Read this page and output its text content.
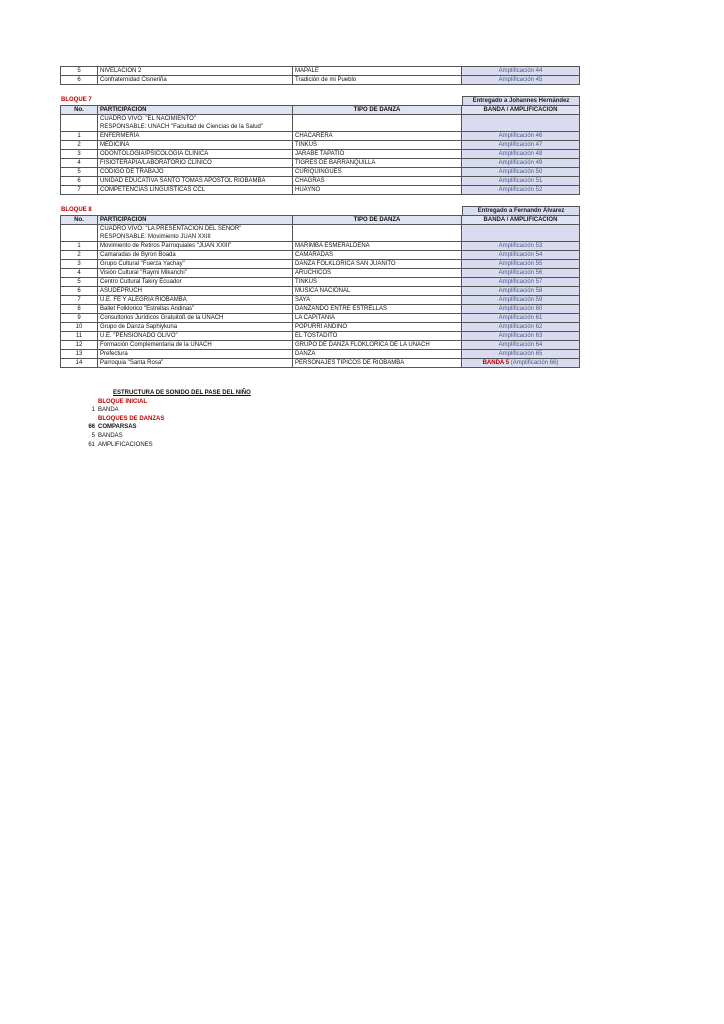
5	NIVELACIÓN 2	MAPALE	Amplificación 44
6	Confraternidad Cisneriña	Tradición de mi Pueblo	Amplificación 45
BLOQUE 7	Entregado a Johannes Hernández
No.	PARTICIPACIÓN	TIPO DE DANZA	BANDA / AMPLIFICACIÓN

	CUADRO VIVO: "EL NACIMIENTO"
RESPONSABLE: UNACH "Facultad de Ciencias de la Salud"		

1	ENFERMERÍA	CHACARERA	Amplificación 46
2	MEDICINA	TINKUS	Amplificación 47
3	ODONTOLOGÍA/PSICOLOGÍA CLÍNICA	JARABE TAPATIO	Amplificación 48
4	FISIOTERAPIA/LABORATORIO CLÍNICO	TIGRES DE BARRANQUILLA	Amplificación 49
5	CÓDIGO DE TRABAJO	CURIQUINGUES	Amplificación 50
6	UNIDAD EDUCATIVA SANTO TOMÁS APÓSTOL RIOBAMBA	CHAGRAS	Amplificación 51
7	COMPETENCIAS LINGUISTICAS CCL	HUAYNO	Amplificación 52
BLOQUE 8	Entregado a Fernando Álvarez
No.	PARTICIPACIÓN	TIPO DE DANZA	BANDA / AMPLIFICACIÓN

	CUADRO VIVO: "LA PRESENTACIÓN DEL SEÑOR"
RESPONSABLE: Movimiento JUAN XXIII		

1	Movimiento de Retiros Parroquiales "JUAN XXIII"	MARIMBA ESMERALDEÑA	Amplificación 53
2	Camaradas de Byron Boada	CAMARADAS	Amplificación 54
3	Grupo Cultural "Fuerza Yachay"	DANZA FOLKLÓRICA SAN JUANITO	Amplificación 55
4	Visión Cultural "Raymi Mikanchi"	ARUCHICOS	Amplificación 56
5	Centro Cultural Takiry Ecuador	TINKUS	Amplificación 57
6	ASUDEPRUCH	MÚSICA NACIONAL	Amplificación 58
7	U.E. FE Y ALEGRÍA RIOBAMBA	SAYA	Amplificación 59
8	Ballet Folklorico "Estrellas Andinas"	DANZANDO ENTRE ESTRELLAS	Amplificación 60
9	Consultorios Jurídicos Gratuitoß de la UNACH	LA CAPITANIA	Amplificación 61
10	Grupo de Danza Saphiykuna	POPURRÍ ANDINO	Amplificación 62
11	U.E. "PENSIONADO OLIVO"	EL TOSTADITO	Amplificación 63
12	Formación Complementaria de la UNACH	GRUPO DE DANZA FLOKLÓRICA DE LA UNACH	Amplificación 64
13	Prefectura	DANZA	Amplificación 65
14	Parroquia "Santa Rosa"	PERSONAJES TÍPICOS DE RIOBAMBA	BANDA 5 (Amplificación 66)
ESTRUCTURA DE SONIDO DEL PASE DEL NIÑO
BLOQUE INICIAL
1 BANDA
BLOQUES DE DANZAS
66 COMPARSAS
5 BANDAS
61 AMPLIFICACIONES
